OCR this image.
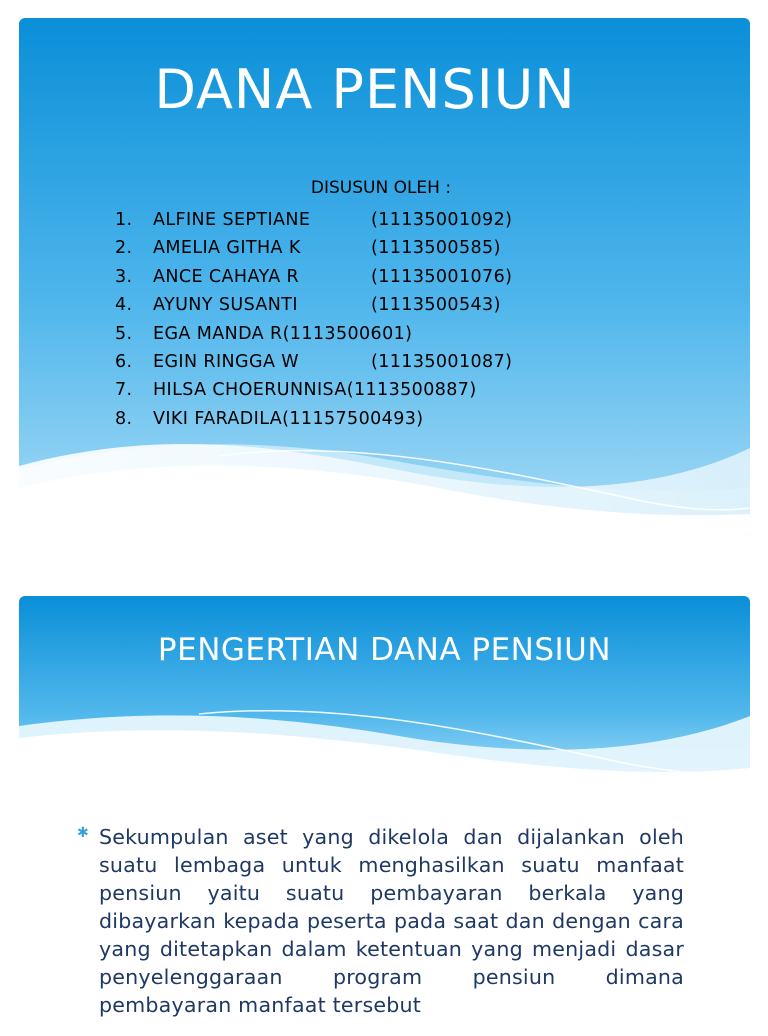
DANA PENSIUN
DISUSUN OLEH :
1. ALFINE SEPTIANE	(11135001092)
2. AMELIA GITHA K	(1113500585)
3. ANCE CAHAYA R	(11135001076)
4. AYUNY SUSANTI	(1113500543)
5. EGA MANDA R(1113500601)
6. EGIN RINGGA W	(11135001087)
7. HILSA CHOERUNNISA(1113500887)
8. VIKI FARADILA(11157500493)
PENGERTIAN DANA PENSIUN
✱ Sekumpulan aset yang dikelola dan dijalankan oleh suatu lembaga untuk menghasilkan suatu manfaat pensiun yaitu suatu pembayaran berkala yang dibayarkan kepada peserta pada saat dan dengan cara yang ditetapkan dalam ketentuan yang menjadi dasar penyelenggaraan program pensiun dimana pembayaran manfaat tersebut
